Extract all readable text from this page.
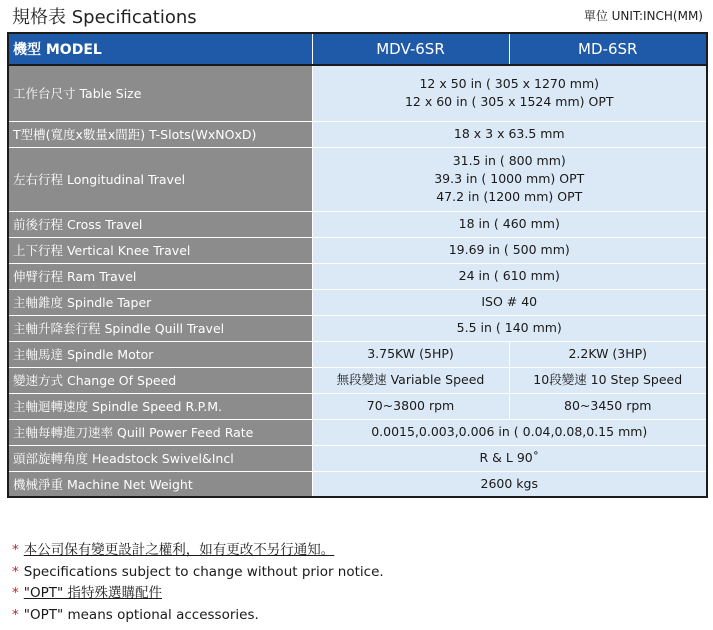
規格表 Specifications	單位 UNIT:INCH(MM)
機型 MODEL	MDV-6SR	MD-6SR
工作台尺寸 Table Size	12 x 50 in ( 305 x 1270 mm)
12 x 60 in ( 305 x 1524 mm) OPT	

T型槽(寬度x數量x間距) T-Slots(WxNOxD)	18 x 3 x 63.5 mm	
左右行程 Longitudinal Travel	31.5 in ( 800 mm)
39.3 in ( 1000 mm) OPT
47.2 in (1200 mm) OPT	

前後行程 Cross Travel	18 in ( 460 mm)	
上下行程 Vertical Knee Travel	19.69 in ( 500 mm)	
伸臂行程 Ram Travel	24 in ( 610 mm)	
主軸錐度 Spindle Taper	ISO # 40	
主軸升降套行程 Spindle Quill Travel	5.5 in ( 140 mm)	
主軸馬達 Spindle Motor	3.75KW (5HP)	2.2KW (3HP)
變速方式 Change Of Speed	無段變速 Variable Speed	10段變速 10 Step Speed
主軸迴轉速度 Spindle Speed R.P.M.	70~3800 rpm	80~3450 rpm
主軸每轉進刀速率 Quill Power Feed Rate	0.0015,0.003,0.006 in ( 0.04,0.08,0.15 mm)	
頭部旋轉角度 Headstock Swivel&Incl	R & L 90˚	
機械淨重 Machine Net Weight	2600 kgs	
* 本公司保有變更設計之權利，如有更改不另行通知。
* Specifications subject to change without prior notice.
* "OPT" 指特殊選購配件
* "OPT" means optional accessories.
